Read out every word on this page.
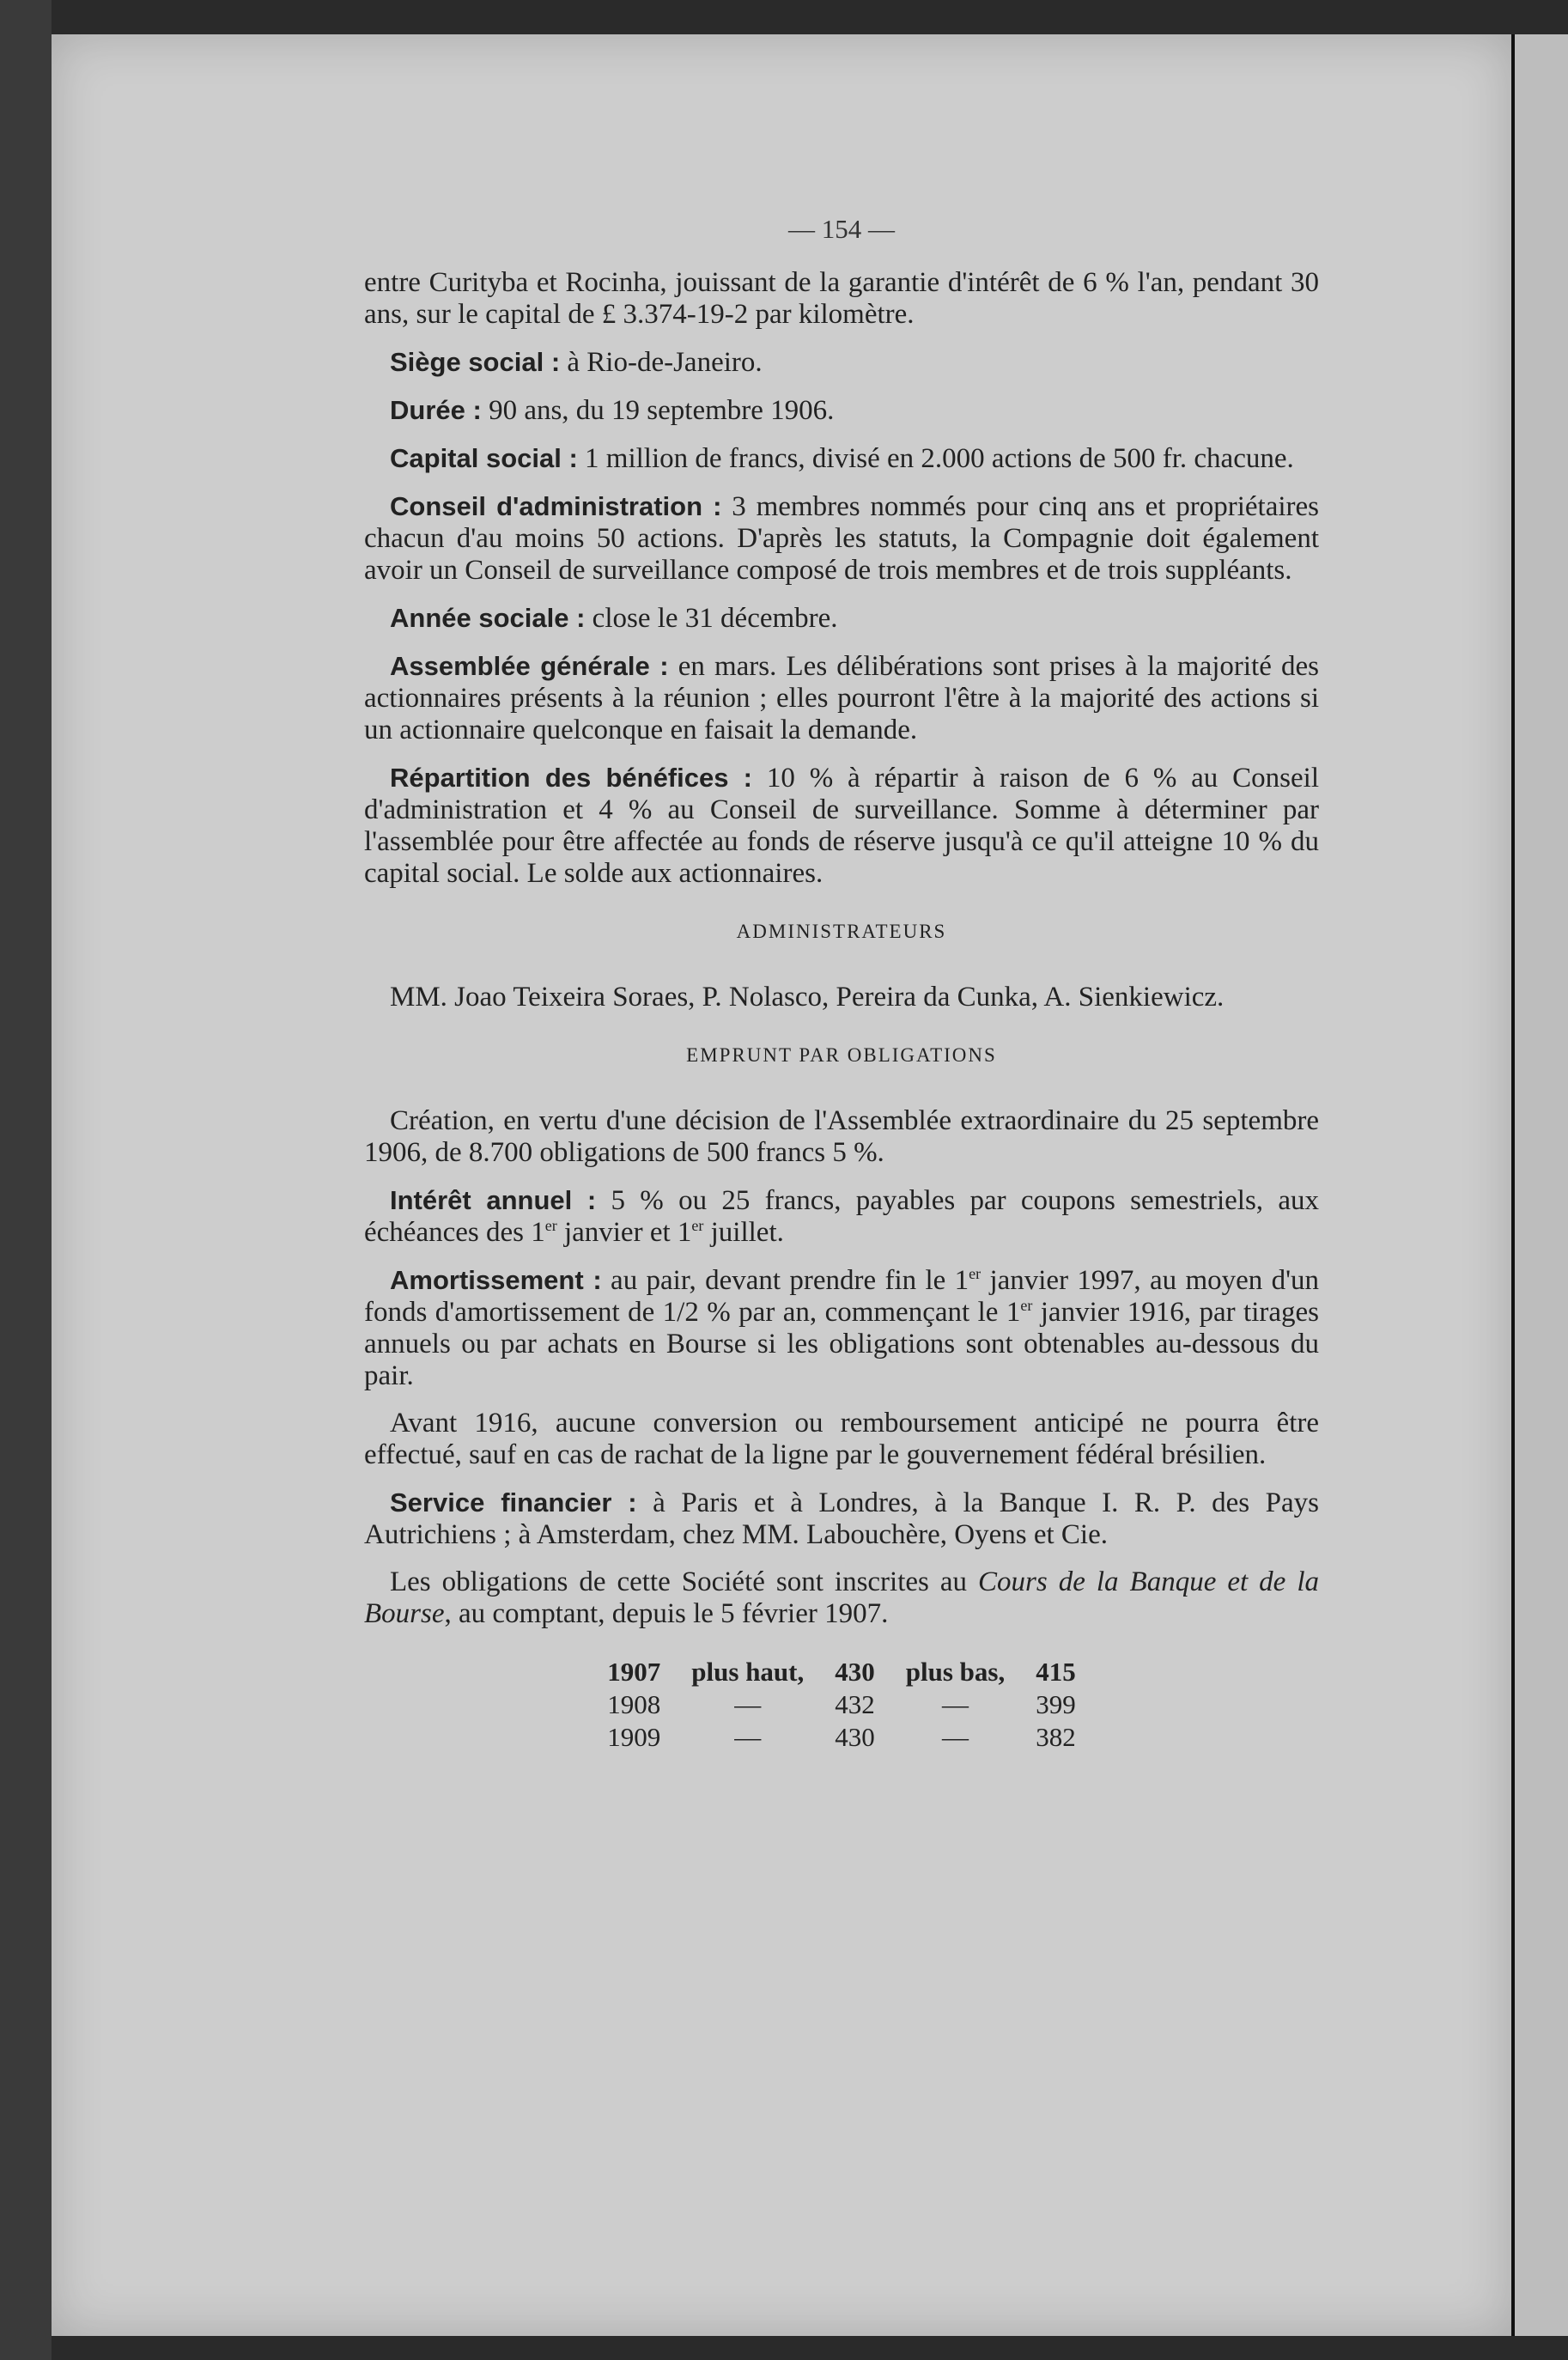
— 154 —

entre Curityba et Rocinha, jouissant de la garantie d'intérêt de 6 % l'an, pendant 30 ans, sur le capital de £ 3.374-19-2 par kilomètre.

Siège social : à Rio-de-Janeiro.

Durée : 90 ans, du 19 septembre 1906.

Capital social : 1 million de francs, divisé en 2.000 actions de 500 fr. chacune.

Conseil d'administration : 3 membres nommés pour cinq ans et propriétaires chacun d'au moins 50 actions. D'après les statuts, la Compagnie doit également avoir un Conseil de surveillance composé de trois membres et de trois suppléants.

Année sociale : close le 31 décembre.

Assemblée générale : en mars. Les délibérations sont prises à la majorité des actionnaires présents à la réunion ; elles pourront l'être à la majorité des actions si un actionnaire quelconque en faisait la demande.

Répartition des bénéfices : 10 % à répartir à raison de 6 % au Conseil d'administration et 4 % au Conseil de surveillance. Somme à déterminer par l'assemblée pour être affectée au fonds de réserve jusqu'à ce qu'il atteigne 10 % du capital social. Le solde aux actionnaires.

ADMINISTRATEURS

MM. Joao Teixeira Soraes, P. Nolasco, Pereira da Cunka, A. Sienkiewicz.

EMPRUNT PAR OBLIGATIONS

Création, en vertu d'une décision de l'Assemblée extraordinaire du 25 septembre 1906, de 8.700 obligations de 500 francs 5 %.

Intérêt annuel : 5 % ou 25 francs, payables par coupons semestriels, aux échéances des 1er janvier et 1er juillet.

Amortissement : au pair, devant prendre fin le 1er janvier 1997, au moyen d'un fonds d'amortissement de 1/2 % par an, commençant le 1er janvier 1916, par tirages annuels ou par achats en Bourse si les obligations sont obtenables au-dessous du pair.

Avant 1916, aucune conversion ou remboursement anticipé ne pourra être effectué, sauf en cas de rachat de la ligne par le gouvernement fédéral brésilien.

Service financier : à Paris et à Londres, à la Banque I. R. P. des Pays Autrichiens ; à Amsterdam, chez MM. Labouchère, Oyens et Cie.

Les obligations de cette Société sont inscrites au Cours de la Banque et de la Bourse, au comptant, depuis le 5 février 1907.

1907	plus haut,	430	plus bas,	415
1908	—	432	—	399
1909	—	430	—	382
